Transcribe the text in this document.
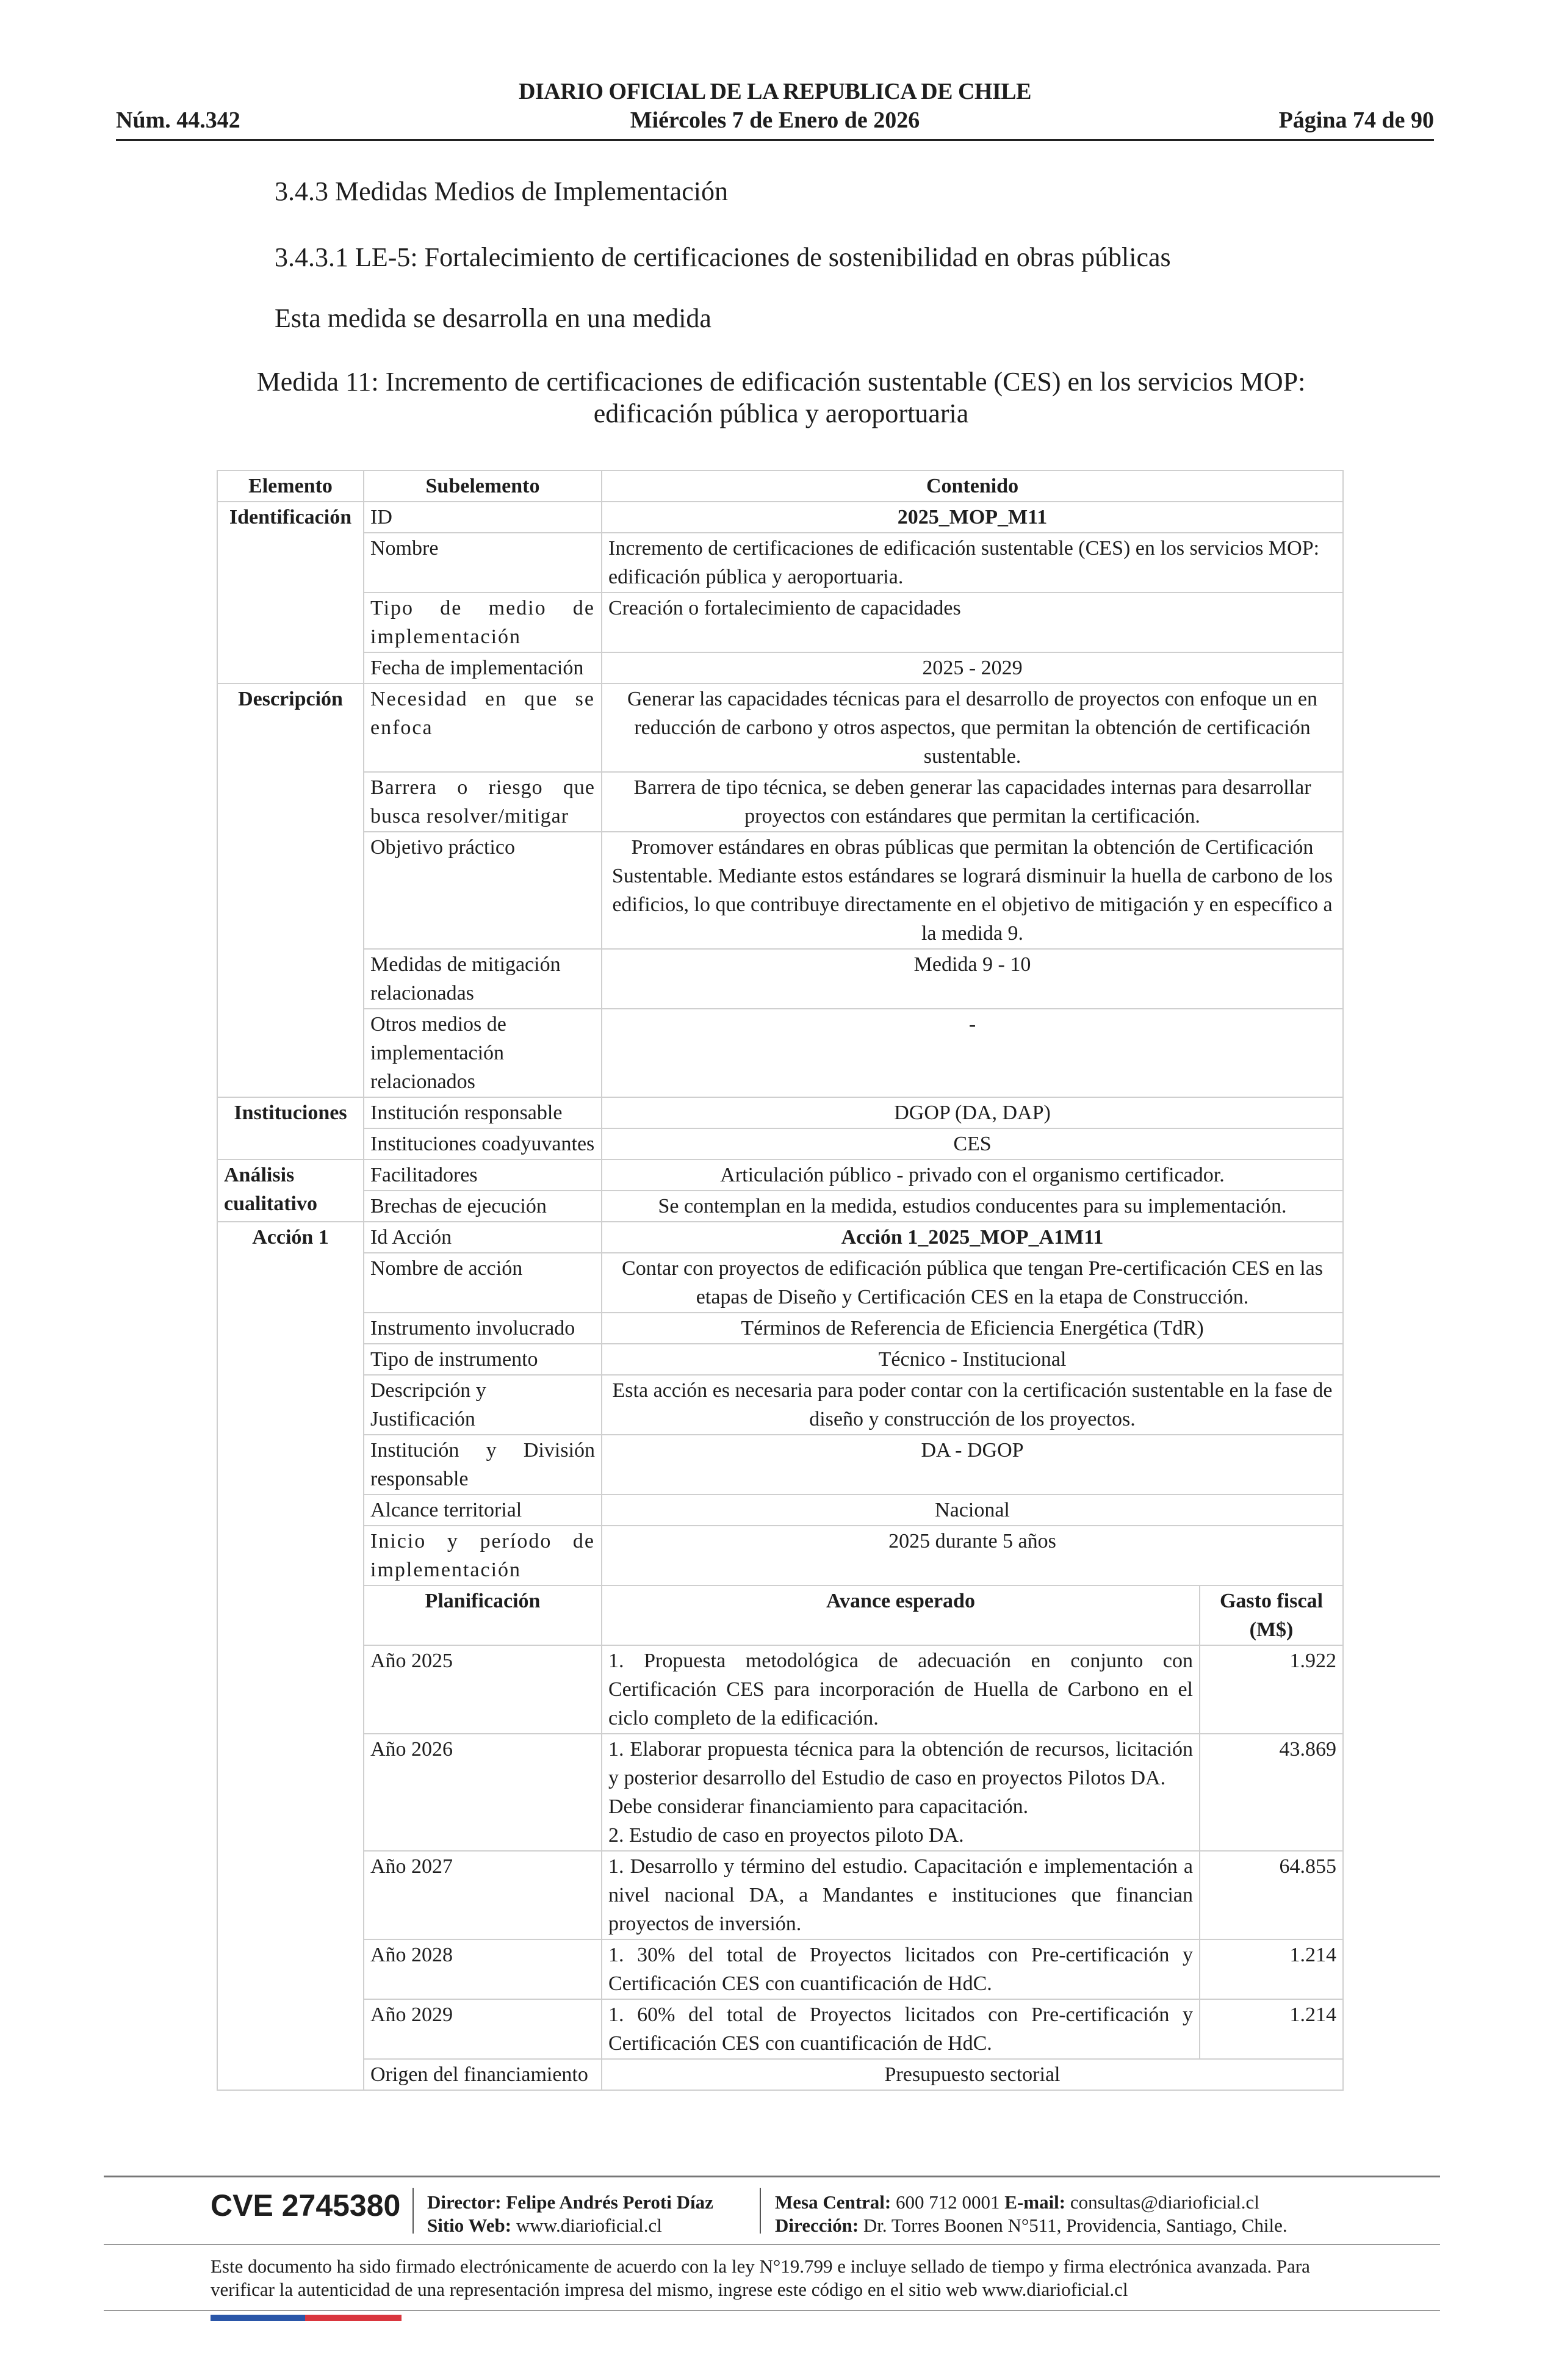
DIARIO OFICIAL DE LA REPUBLICA DE CHILE
Núm. 44.342	Miércoles 7 de Enero de 2026	Página 74 de 90
3.4.3 Medidas Medios de Implementación
3.4.3.1 LE-5: Fortalecimiento de certificaciones de sostenibilidad en obras públicas
Esta medida se desarrolla en una medida
Medida 11: Incremento de certificaciones de edificación sustentable (CES) en los servicios MOP:
edificación pública y aeroportuaria
Elemento	Subelemento	Contenido	
Identificación	ID	2025_MOP_M11	
	Nombre	Incremento de certificaciones de edificación sustentable (CES) en los servicios MOP: edificación pública y aeroportuaria.	
	Tipo de medio de implementación	Creación o fortalecimiento de capacidades	
	Fecha de implementación	2025 - 2029	
Descripción	Necesidad en que se enfoca	Generar las capacidades técnicas para el desarrollo de proyectos con enfoque un en reducción de carbono y otros aspectos, que permitan la obtención de certificación sustentable.	
	Barrera o riesgo que busca resolver/mitigar	Barrera de tipo técnica, se deben generar las capacidades internas para desarrollar proyectos con estándares que permitan la certificación.	
	Objetivo práctico	Promover estándares en obras públicas que permitan la obtención de Certificación Sustentable. Mediante estos estándares se logrará disminuir la huella de carbono de los edificios, lo que contribuye directamente en el objetivo de mitigación y en específico a la medida 9.	
	Medidas de mitigación relacionadas	Medida 9 - 10	
	Otros medios de implementación relacionados	-	
Instituciones	Institución responsable	DGOP (DA, DAP)	
	Instituciones coadyuvantes	CES	
Análisis cualitativo	Facilitadores	Articulación público - privado con el organismo certificador.	
	Brechas de ejecución	Se contemplan en la medida, estudios conducentes para su implementación.	
Acción 1	Id Acción	Acción 1_2025_MOP_A1M11	
	Nombre de acción	Contar con proyectos de edificación pública que tengan Pre-certificación CES en las etapas de Diseño y Certificación CES en la etapa de Construcción.	
	Instrumento involucrado	Términos de Referencia de Eficiencia Energética (TdR)	
	Tipo de instrumento	Técnico - Institucional	
	Descripción y Justificación	Esta acción es necesaria para poder contar con la certificación sustentable en la fase de diseño y construcción de los proyectos.	
	Institución y División responsable	DA - DGOP	
	Alcance territorial	Nacional	
	Inicio y período de implementación	2025 durante 5 años	
	Planificación	Avance esperado	Gasto fiscal (M$)
	Año 2025	1. Propuesta metodológica de adecuación en conjunto con Certificación CES para incorporación de Huella de Carbono en el ciclo completo de la edificación.	1.922
	Año 2026	1. Elaborar propuesta técnica para la obtención de recursos, licitación y posterior desarrollo del Estudio de caso en proyectos Pilotos DA.
Debe considerar financiamiento para capacitación.
2. Estudio de caso en proyectos piloto DA.	43.869
	Año 2027	1. Desarrollo y término del estudio. Capacitación e implementación a nivel nacional DA, a Mandantes e instituciones que financian proyectos de inversión.	64.855
	Año 2028	1. 30% del total de Proyectos licitados con Pre-certificación y Certificación CES con cuantificación de HdC.	1.214
	Año 2029	1. 60% del total de Proyectos licitados con Pre-certificación y Certificación CES con cuantificación de HdC.	1.214
	Origen del financiamiento	Presupuesto sectorial	
CVE 2745380 Director: Felipe Andrés Peroti Díaz
Sitio Web: www.diarioficial.cl
Mesa Central: 600 712 0001 E-mail: consultas@diarioficial.cl
Dirección: Dr. Torres Boonen N°511, Providencia, Santiago, Chile.
Este documento ha sido firmado electrónicamente de acuerdo con la ley N°19.799 e incluye sellado de tiempo y firma electrónica avanzada. Para verificar la autenticidad de una representación impresa del mismo, ingrese este código en el sitio web www.diarioficial.cl
